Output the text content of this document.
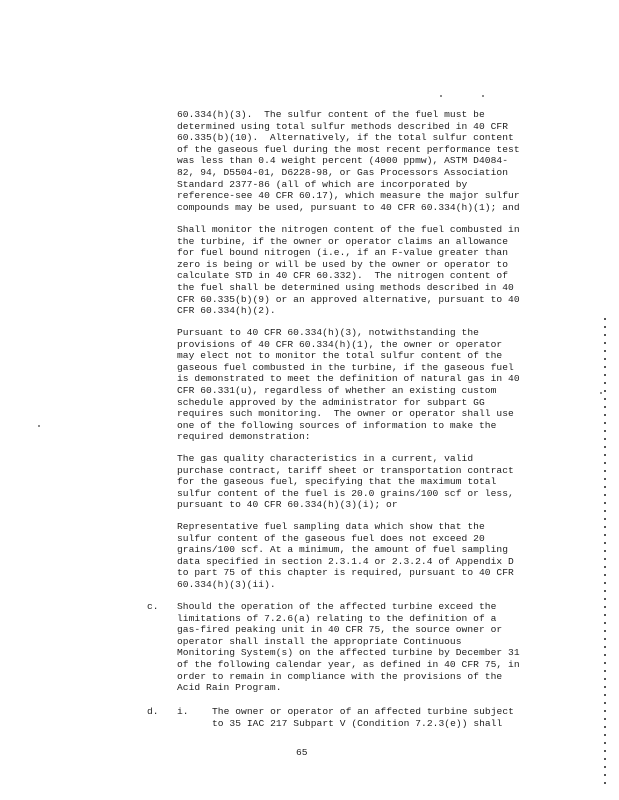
60.334(h)(3).  The sulfur content of the fuel must be
determined using total sulfur methods described in 40 CFR
60.335(b)(10).  Alternatively, if the total sulfur content
of the gaseous fuel during the most recent performance test
was less than 0.4 weight percent (4000 ppmw), ASTM D4084-
82, 94, D5504-01, D6228-98, or Gas Processors Association
Standard 2377-86 (all of which are incorporated by
reference-see 40 CFR 60.17), which measure the major sulfur
compounds may be used, pursuant to 40 CFR 60.334(h)(1); and
Shall monitor the nitrogen content of the fuel combusted in
the turbine, if the owner or operator claims an allowance
for fuel bound nitrogen (i.e., if an F-value greater than
zero is being or will be used by the owner or operator to
calculate STD in 40 CFR 60.332).  The nitrogen content of
the fuel shall be determined using methods described in 40
CFR 60.335(b)(9) or an approved alternative, pursuant to 40
CFR 60.334(h)(2).
Pursuant to 40 CFR 60.334(h)(3), notwithstanding the
provisions of 40 CFR 60.334(h)(1), the owner or operator
may elect not to monitor the total sulfur content of the
gaseous fuel combusted in the turbine, if the gaseous fuel
is demonstrated to meet the definition of natural gas in 40
CFR 60.331(u), regardless of whether an existing custom
schedule approved by the administrator for subpart GG
requires such monitoring.  The owner or operator shall use
one of the following sources of information to make the
required demonstration:
The gas quality characteristics in a current, valid
purchase contract, tariff sheet or transportation contract
for the gaseous fuel, specifying that the maximum total
sulfur content of the fuel is 20.0 grains/100 scf or less,
pursuant to 40 CFR 60.334(h)(3)(i); or
Representative fuel sampling data which show that the
sulfur content of the gaseous fuel does not exceed 20
grains/100 scf. At a minimum, the amount of fuel sampling
data specified in section 2.3.1.4 or 2.3.2.4 of Appendix D
to part 75 of this chapter is required, pursuant to 40 CFR
60.334(h)(3)(ii).
c. Should the operation of the affected turbine exceed the
limitations of 7.2.6(a) relating to the definition of a
gas-fired peaking unit in 40 CFR 75, the source owner or
operator shall install the appropriate Continuous
Monitoring System(s) on the affected turbine by December 31
of the following calendar year, as defined in 40 CFR 75, in
order to remain in compliance with the provisions of the
Acid Rain Program.
d. i. The owner or operator of an affected turbine subject
to 35 IAC 217 Subpart V (Condition 7.2.3(e)) shall
65
